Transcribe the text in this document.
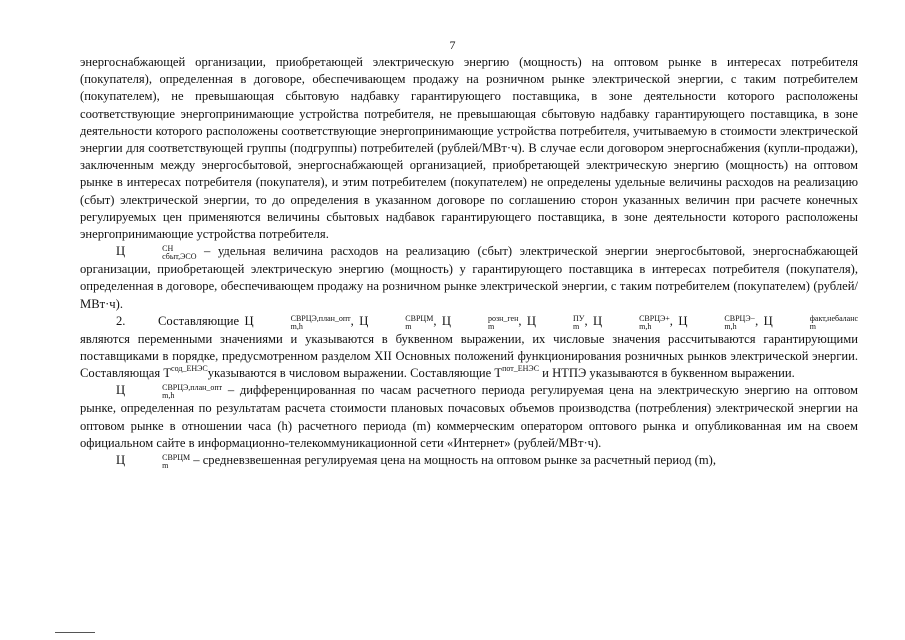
7

энергоснабжающей организации, приобретающей электрическую энергию (мощность) на оптовом рынке в интересах потребителя (покупателя), определенная в договоре, обеспечивающем продажу на розничном рынке электрической энергии, с таким потребителем (покупателем), не превышающая сбытовую надбавку гарантирующего поставщика, в зоне деятельности которого расположены соответствующие энергопринимающие устройства потребителя, не превышающая сбытовую надбавку гарантирующего поставщика, в зоне деятельности которого расположены соответствующие энергопринимающие устройства потребителя, учитываемую в стоимости электрической энергии для соответствующей группы (подгруппы) потребителей (рублей/МВт·ч). В случае если договором энергоснабжения (купли-продажи), заключенным между энергосбытовой, энергоснабжающей организацией, приобретающей электрическую энергию (мощность) на оптовом рынке в интересах потребителя (покупателя), и этим потребителем (покупателем) не определены удельные величины расходов на реализацию (сбыт) электрической энергии, то до определения в указанном договоре по соглашению сторон указанных величин при расчете конечных регулируемых цен применяются величины сбытовых надбавок гарантирующего поставщика, в зоне деятельности которого расположены энергопринимающие устройства потребителя.

Ц	СН
сбыт,ЭСО – удельная величина расходов на реализацию (сбыт) электрической энергии энергосбытовой, энергоснабжающей организации, приобретающей электрическую энергию (мощность) у гарантирующего поставщика в интересах потребителя (покупателя), определенная в договоре, обеспечивающем продажу на розничном рынке электрической энергии, с таким потребителем (покупателем) (рублей/МВт·ч).

2.	Составляющие Ц	СВРЦЭ,план_опт
m,h	, Ц	СВРЦМ
m	, Ц	розн_ген
m	, Ц	ПУ
m , Ц	СВРЦЭ+
m,h	, Ц	СВРЦЭ−
m,h	, Ц	факт,небаланс
m
являются переменными значениями и указываются в буквенном выражении, их числовые значения рассчитываются гарантирующими поставщиками в порядке, предусмотренном разделом XII Основных положений функционирования розничных рынков электрической энергии. Составляющая $Т^{сод\_ЕНЭС}указываются$ в числовом выражении. Составляющие $Т^{пот\_ЕНЭС}$ и НТПЭ указываются в буквенном выражении.

Ц	СВРЦЭ,план_опт
m,h	– дифференцированная по часам расчетного периода регулируемая цена на электрическую энергию на оптовом рынке, определенная по результатам расчета стоимости плановых почасовых объемов производства (потребления) электрической энергии на оптовом рынке в отношении часа (h) расчетного периода (m) коммерческим оператором оптового рынка и опубликованная им на своем официальном сайте в информационно-телекоммуникационной сети «Интернет» (рублей/МВт·ч).

Ц	СВРЦМ
m	– средневзвешенная регулируемая цена на мощность на оптовом рынке за расчетный период (m),
